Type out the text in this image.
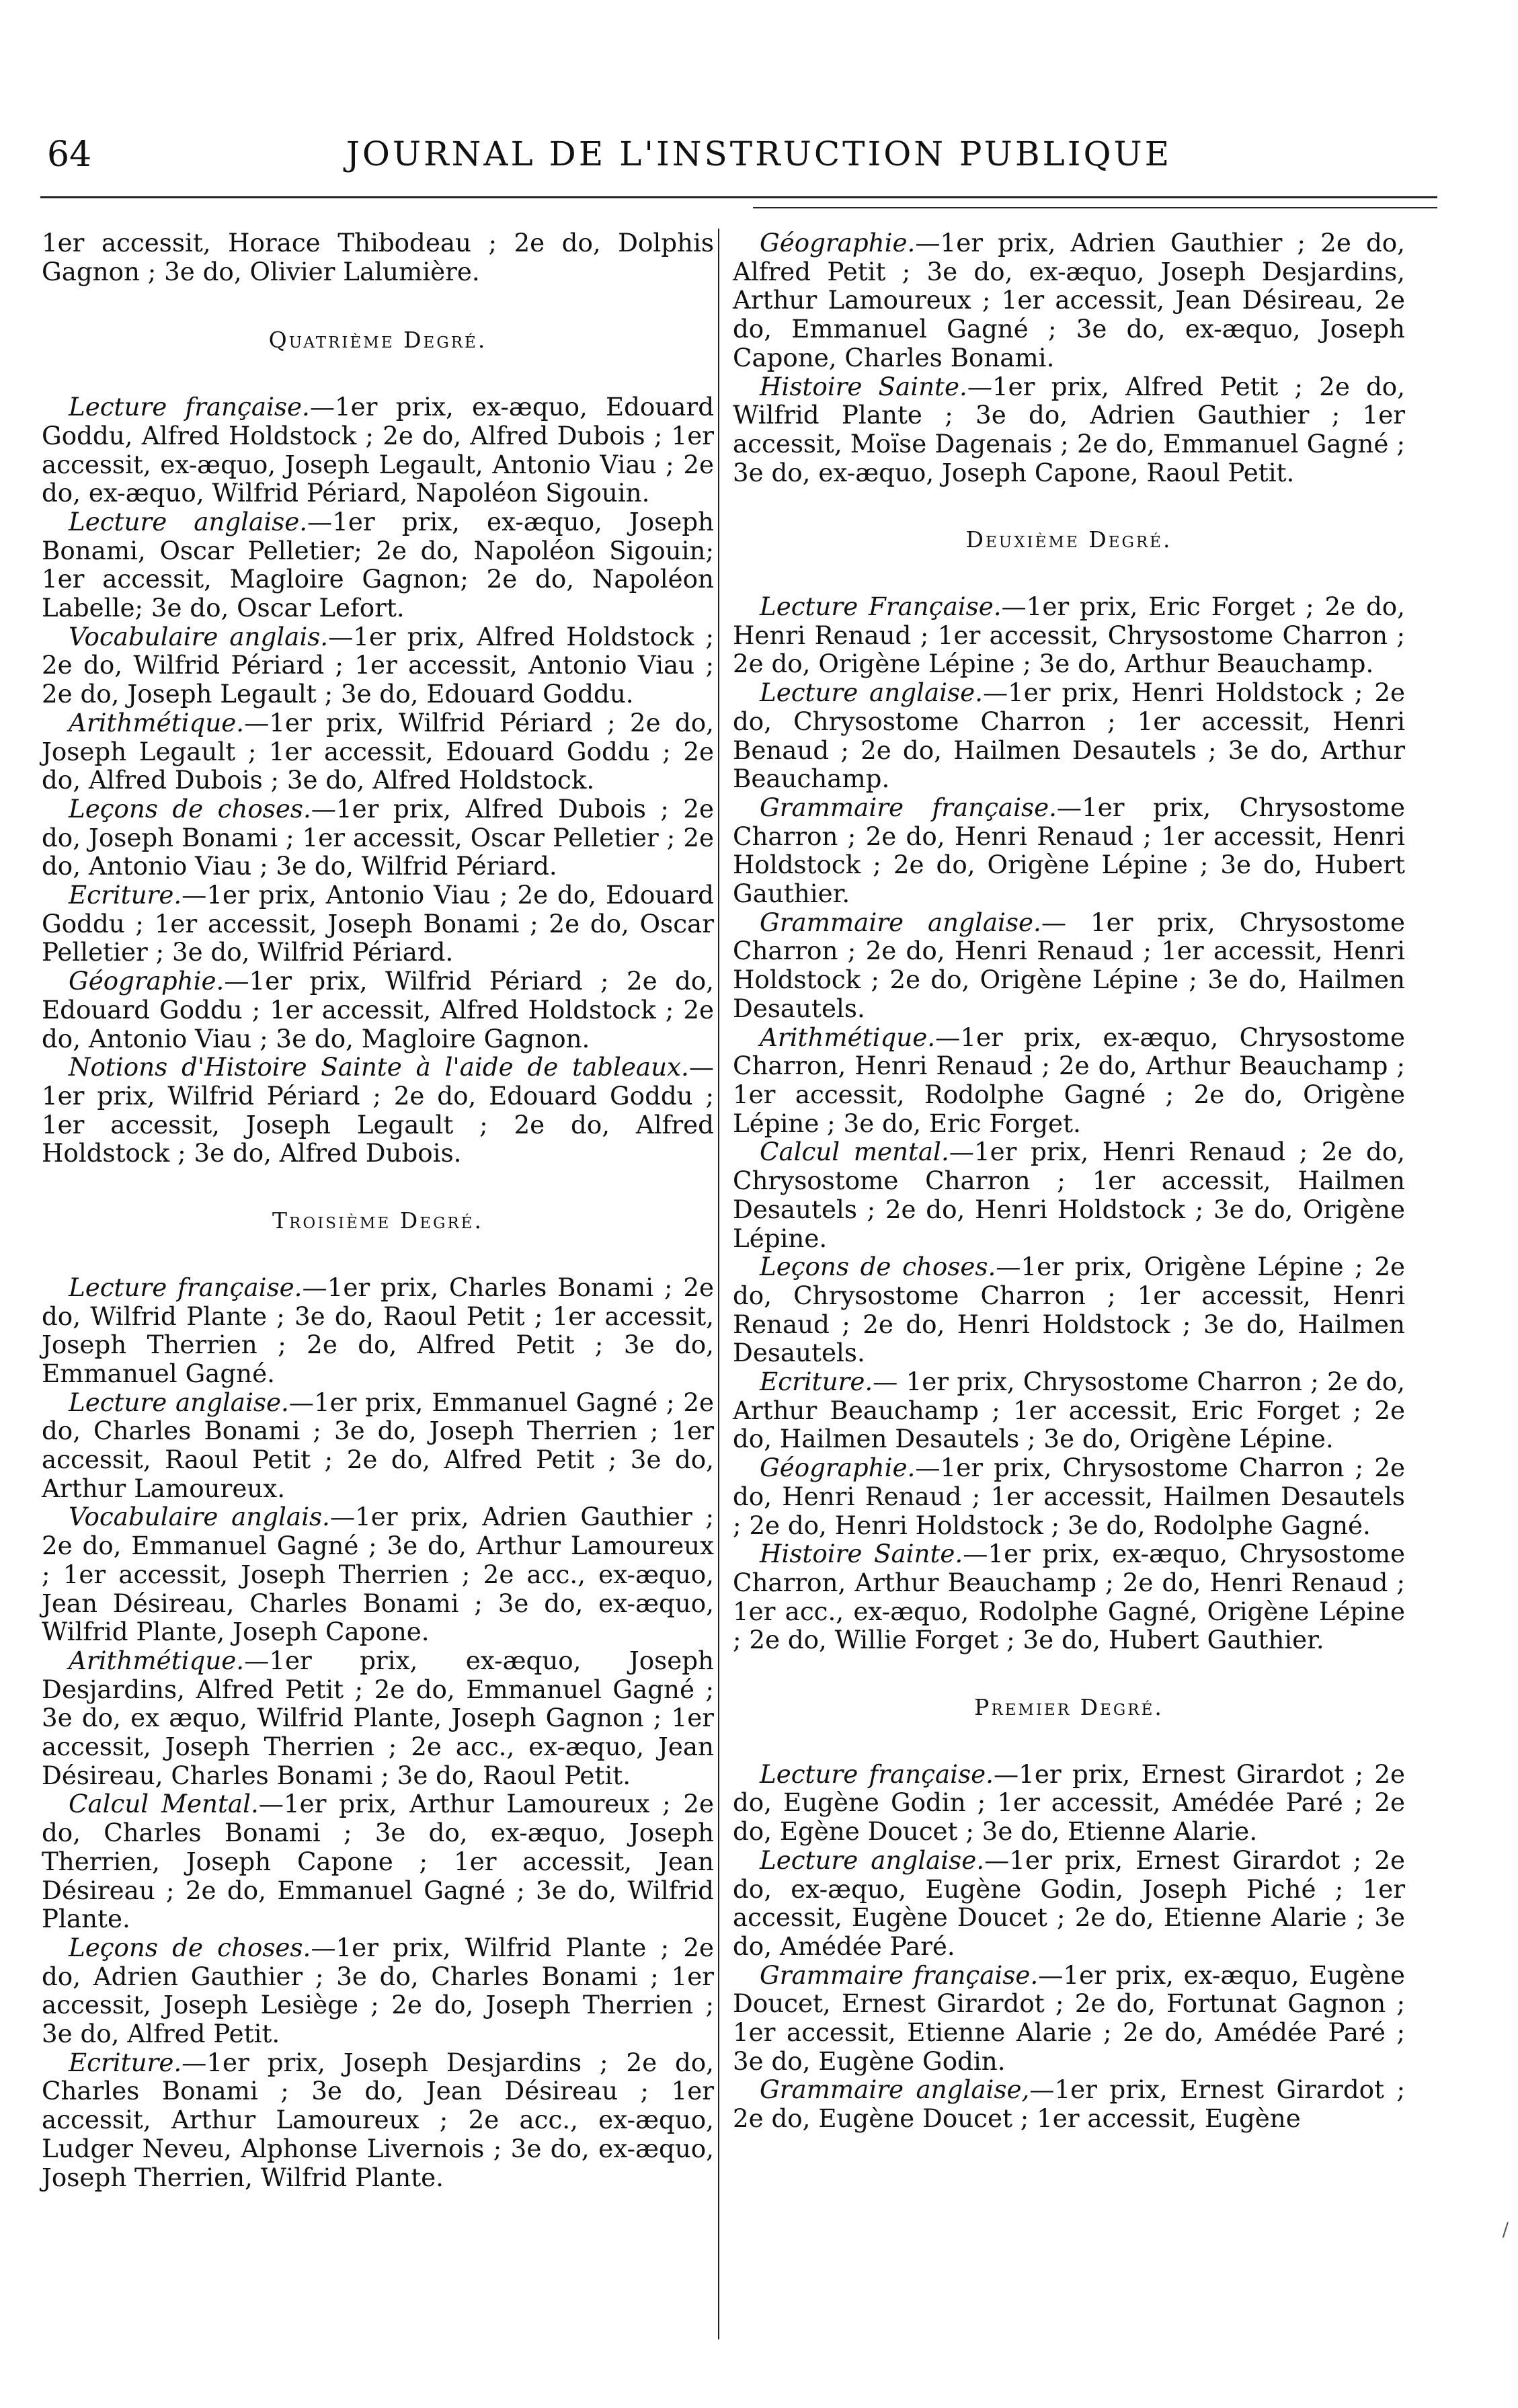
64	JOURNAL DE L'INSTRUCTION PUBLIQUE

1er accessit, Horace Thibodeau ; 2e do, Dolphis Gagnon ; 3e do, Olivier Lalumière.

Quatrième Degré.

Lecture française.—1er prix, ex-æquo, Edouard Goddu, Alfred Holdstock ; 2e do, Alfred Dubois ; 1er accessit, ex-æquo, Joseph Legault, Antonio Viau ; 2e do, ex-æquo, Wilfrid Périard, Napoléon Sigouin.

Lecture anglaise.—1er prix, ex-æquo, Joseph Bonami, Oscar Pelletier; 2e do, Napoléon Sigouin; 1er accessit, Magloire Gagnon; 2e do, Napoléon Labelle; 3e do, Oscar Lefort.

Vocabulaire anglais.—1er prix, Alfred Holdstock ; 2e do, Wilfrid Périard ; 1er accessit, Antonio Viau ; 2e do, Joseph Legault ; 3e do, Edouard Goddu.

Arithmétique.—1er prix, Wilfrid Périard ; 2e do, Joseph Legault ; 1er accessit, Edouard Goddu ; 2e do, Alfred Dubois ; 3e do, Alfred Holdstock.

Leçons de choses.—1er prix, Alfred Dubois ; 2e do, Joseph Bonami ; 1er accessit, Oscar Pelletier ; 2e do, Antonio Viau ; 3e do, Wilfrid Périard.

Ecriture.—1er prix, Antonio Viau ; 2e do, Edouard Goddu ; 1er accessit, Joseph Bonami ; 2e do, Oscar Pelletier ; 3e do, Wilfrid Périard.

Géographie.—1er prix, Wilfrid Périard ; 2e do, Edouard Goddu ; 1er accessit, Alfred Holdstock ; 2e do, Antonio Viau ; 3e do, Magloire Gagnon.

Notions d'Histoire Sainte à l'aide de tableaux.—1er prix, Wilfrid Périard ; 2e do, Edouard Goddu ; 1er accessit, Joseph Legault ; 2e do, Alfred Holdstock ; 3e do, Alfred Dubois.

Troisième Degré.

Lecture française.—1er prix, Charles Bonami ; 2e do, Wilfrid Plante ; 3e do, Raoul Petit ; 1er accessit, Joseph Therrien ; 2e do, Alfred Petit ; 3e do, Emmanuel Gagné.

Lecture anglaise.—1er prix, Emmanuel Gagné ; 2e do, Charles Bonami ; 3e do, Joseph Therrien ; 1er accessit, Raoul Petit ; 2e do, Alfred Petit ; 3e do, Arthur Lamoureux.

Vocabulaire anglais.—1er prix, Adrien Gauthier ; 2e do, Emmanuel Gagné ; 3e do, Arthur Lamoureux ; 1er accessit, Joseph Therrien ; 2e acc., ex-æquo, Jean Désireau, Charles Bonami ; 3e do, ex-æquo, Wilfrid Plante, Joseph Capone.

Arithmétique.—1er prix, ex-æquo, Joseph Desjardins, Alfred Petit ; 2e do, Emmanuel Gagné ; 3e do, ex æquo, Wilfrid Plante, Joseph Gagnon ; 1er accessit, Joseph Therrien ; 2e acc., ex-æquo, Jean Désireau, Charles Bonami ; 3e do, Raoul Petit.

Calcul Mental.—1er prix, Arthur Lamoureux ; 2e do, Charles Bonami ; 3e do, ex-æquo, Joseph Therrien, Joseph Capone ; 1er accessit, Jean Désireau ; 2e do, Emmanuel Gagné ; 3e do, Wilfrid Plante.

Leçons de choses.—1er prix, Wilfrid Plante ; 2e do, Adrien Gauthier ; 3e do, Charles Bonami ; 1er accessit, Joseph Lesiège ; 2e do, Joseph Therrien ; 3e do, Alfred Petit.

Ecriture.—1er prix, Joseph Desjardins ; 2e do, Charles Bonami ; 3e do, Jean Désireau ; 1er accessit, Arthur Lamoureux ; 2e acc., ex-æquo, Ludger Neveu, Alphonse Livernois ; 3e do, ex-æquo, Joseph Therrien, Wilfrid Plante.

Géographie.—1er prix, Adrien Gauthier ; 2e do, Alfred Petit ; 3e do, ex-æquo, Joseph Desjardins, Arthur Lamoureux ; 1er accessit, Jean Désireau, 2e do, Emmanuel Gagné ; 3e do, ex-æquo, Joseph Capone, Charles Bonami.

Histoire Sainte.—1er prix, Alfred Petit ; 2e do, Wilfrid Plante ; 3e do, Adrien Gauthier ; 1er accessit, Moïse Dagenais ; 2e do, Emmanuel Gagné ; 3e do, ex-æquo, Joseph Capone, Raoul Petit.

Deuxième Degré.

Lecture Française.—1er prix, Eric Forget ; 2e do, Henri Renaud ; 1er accessit, Chrysostome Charron ; 2e do, Origène Lépine ; 3e do, Arthur Beauchamp.

Lecture anglaise.—1er prix, Henri Holdstock ; 2e do, Chrysostome Charron ; 1er accessit, Henri Benaud ; 2e do, Hailmen Desautels ; 3e do, Arthur Beauchamp.

Grammaire française.—1er prix, Chrysostome Charron ; 2e do, Henri Renaud ; 1er accessit, Henri Holdstock ; 2e do, Origène Lépine ; 3e do, Hubert Gauthier.

Grammaire anglaise.— 1er prix, Chrysostome Charron ; 2e do, Henri Renaud ; 1er accessit, Henri Holdstock ; 2e do, Origène Lépine ; 3e do, Hailmen Desautels.

Arithmétique.—1er prix, ex-æquo, Chrysostome Charron, Henri Renaud ; 2e do, Arthur Beauchamp ; 1er accessit, Rodolphe Gagné ; 2e do, Origène Lépine ; 3e do, Eric Forget.

Calcul mental.—1er prix, Henri Renaud ; 2e do, Chrysostome Charron ; 1er accessit, Hailmen Desautels ; 2e do, Henri Holdstock ; 3e do, Origène Lépine.

Leçons de choses.—1er prix, Origène Lépine ; 2e do, Chrysostome Charron ; 1er accessit, Henri Renaud ; 2e do, Henri Holdstock ; 3e do, Hailmen Desautels.

Ecriture.— 1er prix, Chrysostome Charron ; 2e do, Arthur Beauchamp ; 1er accessit, Eric Forget ; 2e do, Hailmen Desautels ; 3e do, Origène Lépine.

Géographie.—1er prix, Chrysostome Charron ; 2e do, Henri Renaud ; 1er accessit, Hailmen Desautels ; 2e do, Henri Holdstock ; 3e do, Rodolphe Gagné.

Histoire Sainte.—1er prix, ex-æquo, Chrysostome Charron, Arthur Beauchamp ; 2e do, Henri Renaud ; 1er acc., ex-æquo, Rodolphe Gagné, Origène Lépine ; 2e do, Willie Forget ; 3e do, Hubert Gauthier.

Premier Degré.

Lecture française.—1er prix, Ernest Girardot ; 2e do, Eugène Godin ; 1er accessit, Amédée Paré ; 2e do, Egène Doucet ; 3e do, Etienne Alarie.

Lecture anglaise.—1er prix, Ernest Girardot ; 2e do, ex-æquo, Eugène Godin, Joseph Piché ; 1er accessit, Eugène Doucet ; 2e do, Etienne Alarie ; 3e do, Amédée Paré.

Grammaire française.—1er prix, ex-æquo, Eugène Doucet, Ernest Girardot ; 2e do, Fortunat Gagnon ; 1er accessit, Etienne Alarie ; 2e do, Amédée Paré ; 3e do, Eugène Godin.

Grammaire anglaise,—1er prix, Ernest Girardot ; 2e do, Eugène Doucet ; 1er accessit, Eugène

/
